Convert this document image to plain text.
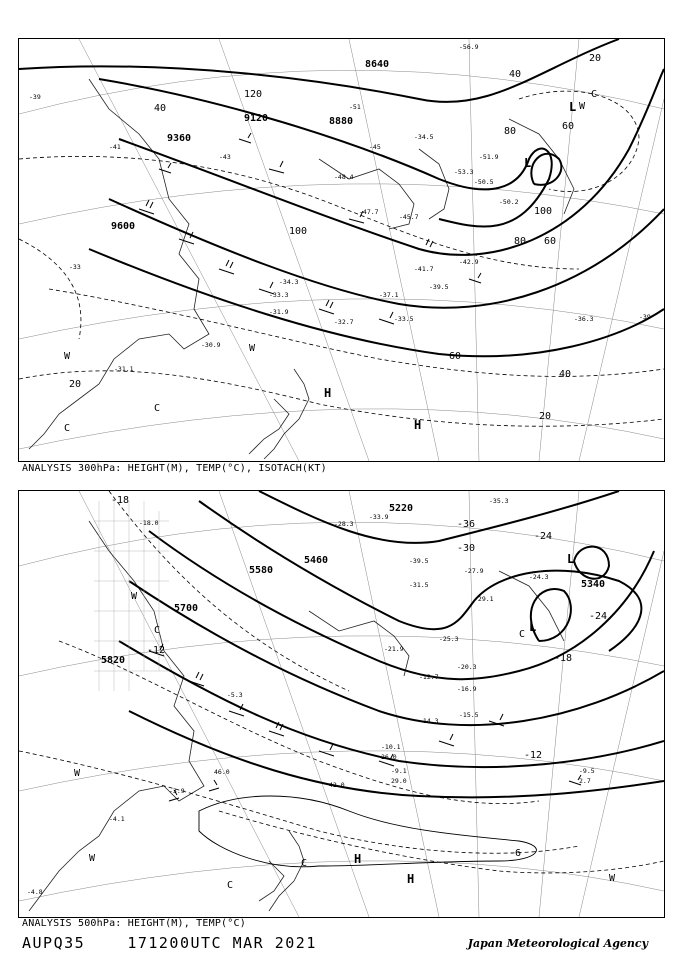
8640
8880
9120
9360
9600
20
40
60
80
100
120
40
60
80
100
40
60
20
20
H
H
L
L
W
W
W
C
C
C
-56.9
-53.3
-51.9
-50.5
-48.4
-47.7
-45.7
-42.9
-41.7
-39.5
-37.1
-36.3
-34.3
-33.3
-32.7
-31.9
-33.5
-30.9
-31.1
-39
-41
-43
-45
-33
-39
-51
-34.5
-50.2
ANALYSIS 300hPa: HEIGHT(M), TEMP(°C), ISOTACH(KT)
5220
5340
5460
5580
5700
5820
-18
-36
-30
-24
-18
-12
-6
-12
-24
H
H
L
L
W
W
W
W
C	C
C
C
-39.5
-35.3
-31.5
-27.9
-29.1
-25.3
-21.9
-20.3
-16.9
-15.5
-14.3
-12.7
-10.1
-9.1	-9.5
-5.3
-4.1
-3.9
-4.8
-18.0	-28.3
-33.9
-24.3
2.7
29.0
26.0
42.0
46.0
ANALYSIS 500hPa: HEIGHT(M), TEMP(°C)
AUPQ35	171200UTC MAR 2021	Japan Meteorological Agency
